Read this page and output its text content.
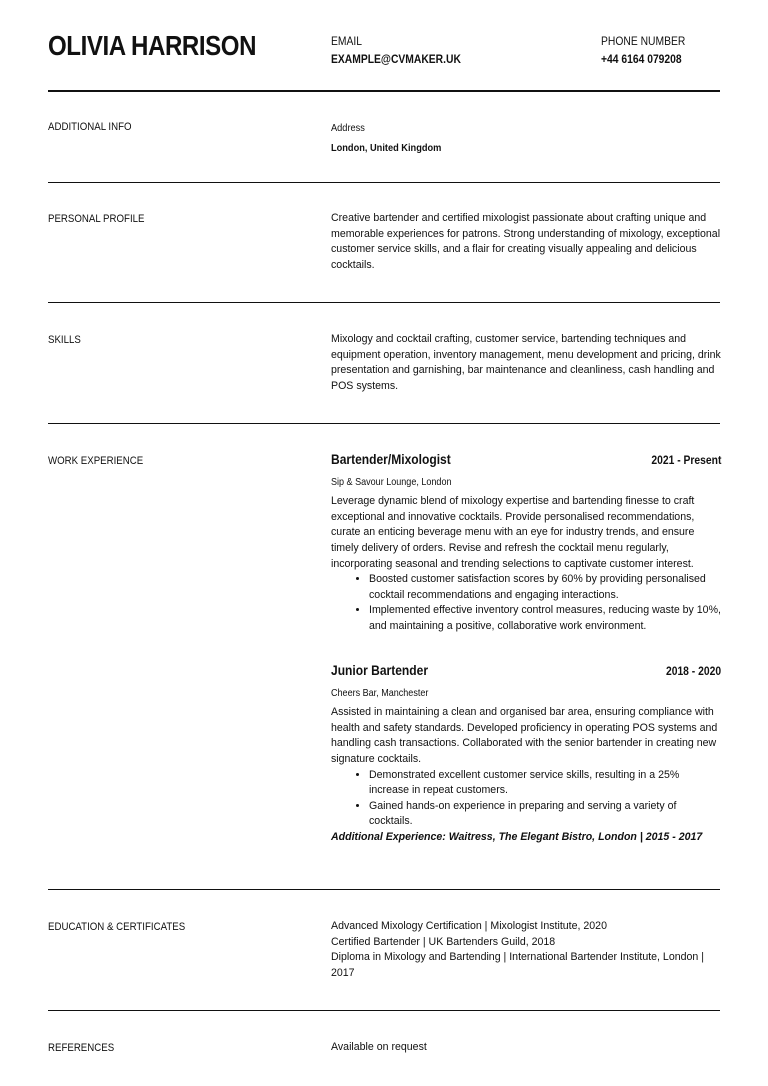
OLIVIA HARRISON	EMAIL
EXAMPLE@CVMAKER.UK
PHONE NUMBER
+44 6164 079208
ADDITIONAL INFO	Address
London, United Kingdom
PERSONAL PROFILE	Creative bartender and certified mixologist passionate about crafting unique and memorable experiences for patrons. Strong understanding of mixology, exceptional customer service skills, and a flair for creating visually appealing and delicious cocktails.
SKILLS	Mixology and cocktail crafting, customer service, bartending techniques and equipment operation, inventory management, menu development and pricing, drink presentation and garnishing, bar maintenance and cleanliness, cash handling and POS systems.
WORK EXPERIENCE	Bartender/Mixologist	2021 - Present
Sip & Savour Lounge, London

Leverage dynamic blend of mixology expertise and bartending finesse to craft exceptional and innovative cocktails. Provide personalised recommendations, curate an enticing beverage menu with an eye for industry trends, and ensure timely delivery of orders. Revise and refresh the cocktail menu regularly, incorporating seasonal and trending selections to captivate customer interest.

• Boosted customer satisfaction scores by 60% by providing personalised cocktail recommendations and engaging interactions.
• Implemented effective inventory control measures, reducing waste by 10%, and maintaining a positive, collaborative work environment.
Junior Bartender	2018 - 2020
Cheers Bar, Manchester

Assisted in maintaining a clean and organised bar area, ensuring compliance with health and safety standards. Developed proficiency in operating POS systems and handling cash transactions. Collaborated with the senior bartender in creating new signature cocktails.

• Demonstrated excellent customer service skills, resulting in a 25% increase in repeat customers.
• Gained hands-on experience in preparing and serving a variety of cocktails.

Additional Experience: Waitress, The Elegant Bistro, London | 2015 - 2017

EDUCATION & CERTIFICATES	Advanced Mixology Certification | Mixologist Institute, 2020
Certified Bartender | UK Bartenders Guild, 2018
Diploma in Mixology and Bartending | International Bartender Institute, London | 2017
REFERENCES	Available on request
